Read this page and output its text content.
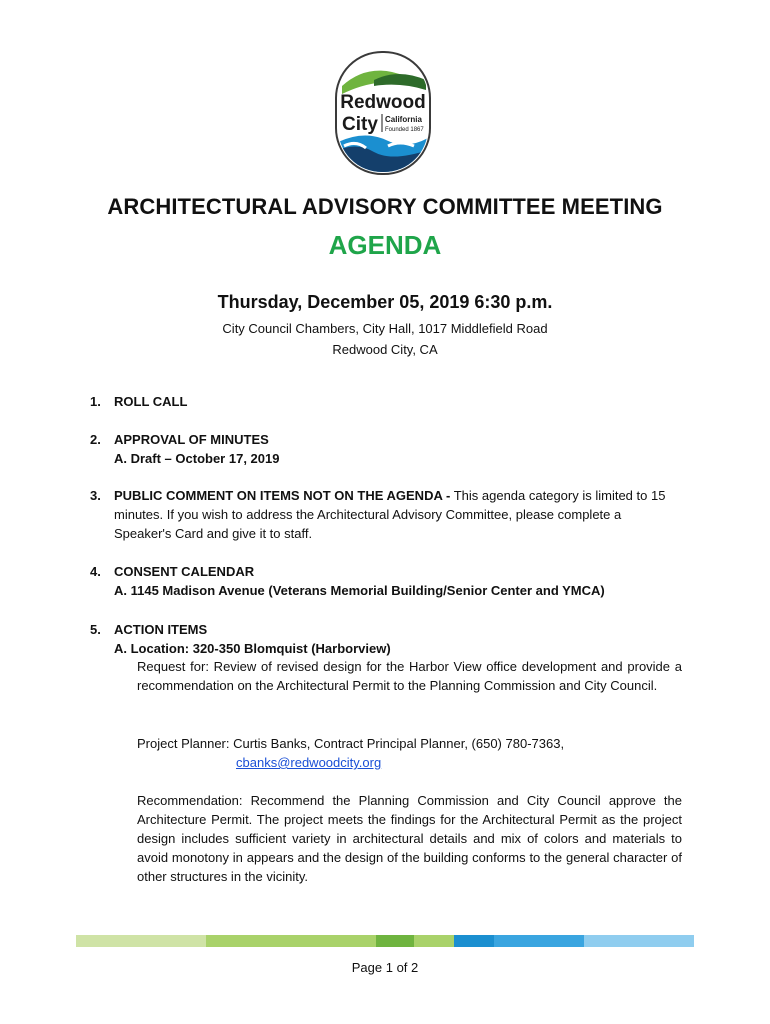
Redwood
City California
Founded 1867
ARCHITECTURAL ADVISORY COMMITTEE MEETING
AGENDA
Thursday, December 05, 2019 6:30 p.m.
City Council Chambers, City Hall, 1017 Middlefield Road
Redwood City, CA
1. ROLL CALL
2. APPROVAL OF MINUTES
A. Draft – October 17, 2019
3. PUBLIC COMMENT ON ITEMS NOT ON THE AGENDA - This agenda category is limited to 15
minutes. If you wish to address the Architectural Advisory Committee, please complete a
Speaker's Card and give it to staff.
4. CONSENT CALENDAR
A. 1145 Madison Avenue (Veterans Memorial Building/Senior Center and YMCA)
5. ACTION ITEMS
A. Location: 320-350 Blomquist (Harborview)
Request for: Review of revised design for the Harbor View office development and provide a recommendation on the Architectural Permit to the Planning Commission and City Council.
Project Planner: Curtis Banks, Contract Principal Planner, (650) 780-7363,
cbanks@redwoodcity.org
Recommendation: Recommend the Planning Commission and City Council approve the Architecture Permit. The project meets the findings for the Architectural Permit as the project design includes sufficient variety in architectural details and mix of colors and materials to avoid monotony in appears and the design of the building conforms to the general character of other structures in the vicinity.
Page 1 of 2
